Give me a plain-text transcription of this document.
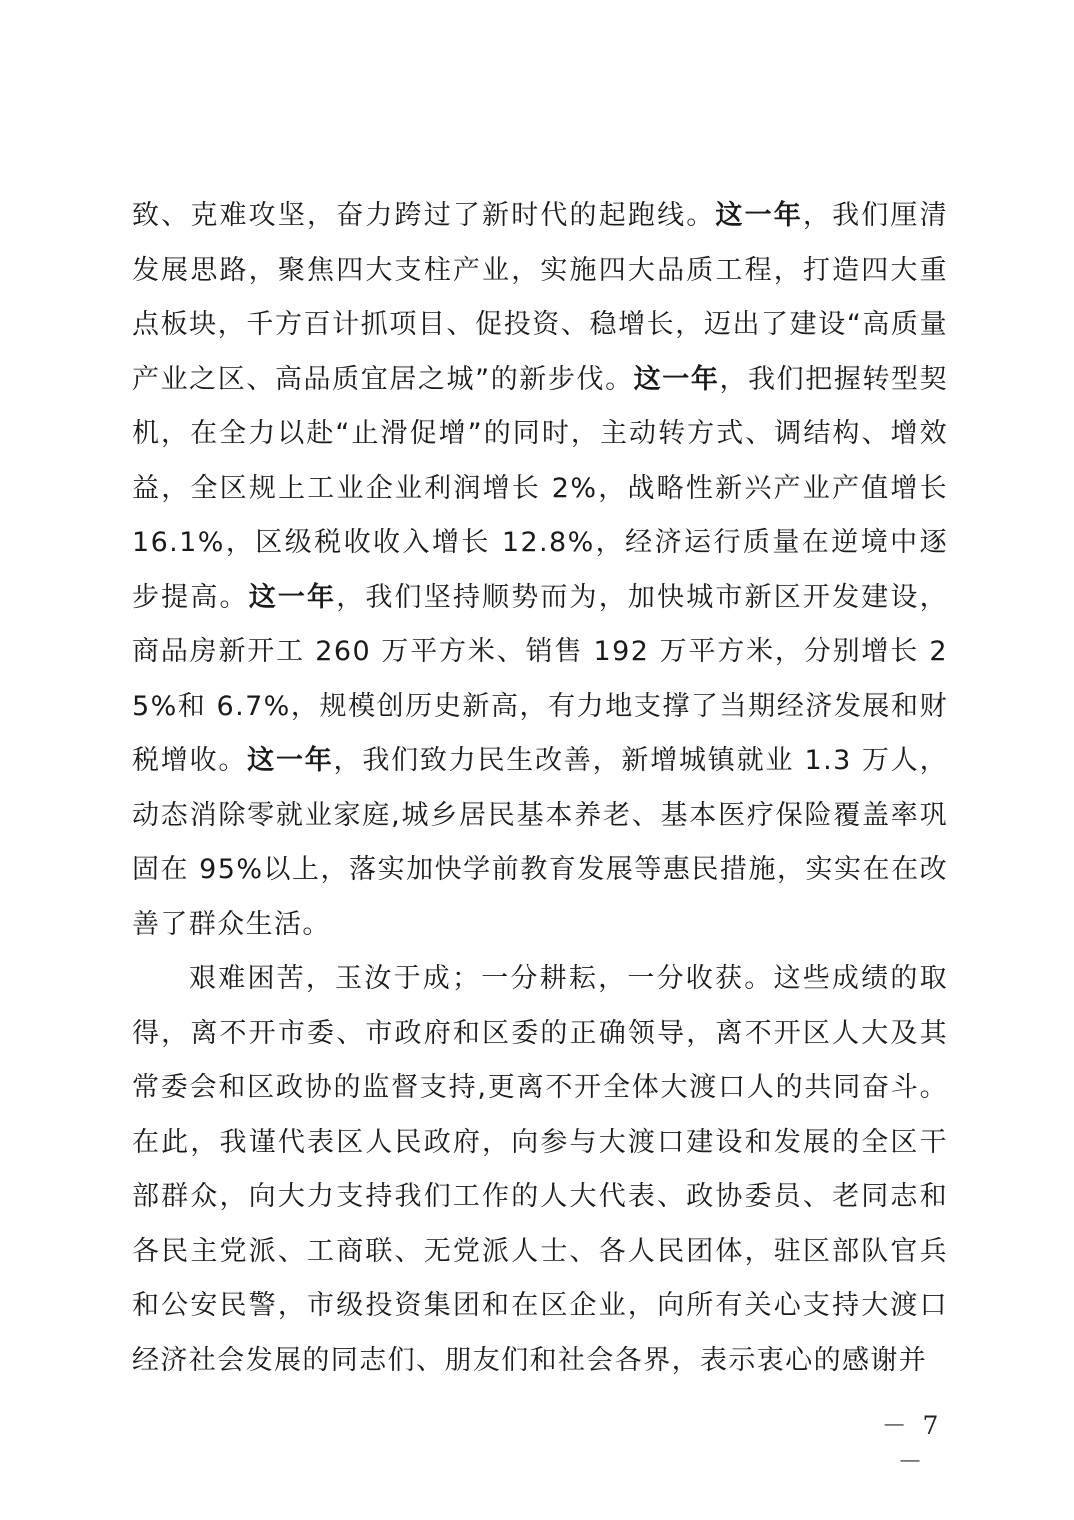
致、克难攻坚，奋力跨过了新时代的起跑线。这一年，我们厘清发展思路，聚焦四大支柱产业，实施四大品质工程，打造四大重点板块，千方百计抓项目、促投资、稳增长，迈出了建设“高质量产业之区、高品质宜居之城”的新步伐。这一年，我们把握转型契机，在全力以赴“止滑促增”的同时，主动转方式、调结构、增效益，全区规上工业企业利润增长 2%，战略性新兴产业产值增长 16.1%，区级税收收入增长 12.8%，经济运行质量在逆境中逐步提高。这一年，我们坚持顺势而为，加快城市新区开发建设，商品房新开工 260 万平方米、销售 192 万平方米，分别增长 25%和 6.7%，规模创历史新高，有力地支撑了当期经济发展和财税增收。这一年，我们致力民生改善，新增城镇就业 1.3 万人，动态消除零就业家庭,城乡居民基本养老、基本医疗保险覆盖率巩固在 95%以上，落实加快学前教育发展等惠民措施，实实在在改善了群众生活。

艰难困苦，玉汝于成；一分耕耘，一分收获。这些成绩的取得，离不开市委、市政府和区委的正确领导，离不开区人大及其常委会和区政协的监督支持,更离不开全体大渡口人的共同奋斗。在此，我谨代表区人民政府，向参与大渡口建设和发展的全区干部群众，向大力支持我们工作的人大代表、政协委员、老同志和各民主党派、工商联、无党派人士、各人民团体，驻区部队官兵和公安民警，市级投资集团和在区企业，向所有关心支持大渡口经济社会发展的同志们、朋友们和社会各界，表示衷心的感谢并

－ 7 －
